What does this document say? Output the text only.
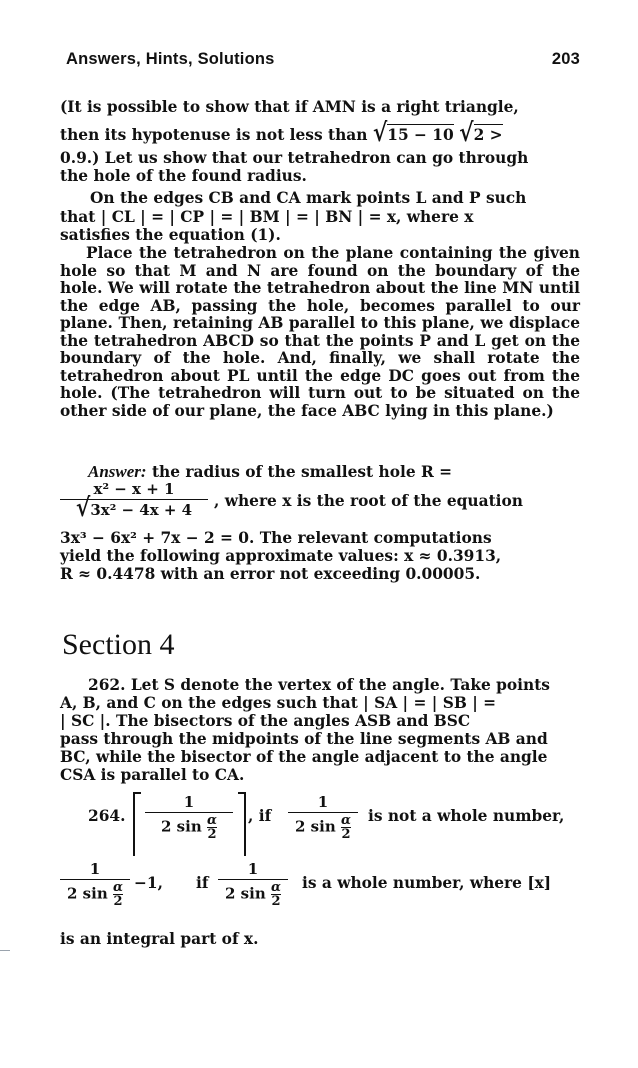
Answers, Hints, Solutions	203
(It is possible to show that if AMN is a right triangle,
then its hypotenuse is not less than √15 − 10 √2 >
0.9.) Let us show that our tetrahedron can go through
the hole of the found radius.
On the edges CB and CA mark points L and P such
that | CL | = | CP | = | BM | = | BN | = x, where x
satisfies the equation (1).

Place the tetrahedron on the plane containing the given hole so that M and N are found on the boundary of the hole. We will rotate the tetrahedron about the line MN until the edge AB, passing the hole, becomes parallel to our plane. Then, retaining AB parallel to this plane, we displace the tetrahedron ABCD so that the points P and L get on the boundary of the hole. And, finally, we shall rotate the tetrahedron about PL until the edge DC goes out from the hole. (The tetrahedron will turn out to be situated on the other side of our plane, the face ABC lying in this plane.)

Answer: the radius of the smallest hole R =
x² − x + 1
√3x² − 4x + 4	, where x is the root of the equation
3x³ − 6x² + 7x − 2 = 0. The relevant computations
yield the following approximate values: x ≈ 0.3913,
R ≈ 0.4478 with an error not exceeding 0.00005.
Section 4
262. Let S denote the vertex of the angle. Take points
A, B, and C on the edges such that | SA | = | SB | =
| SC |. The bisectors of the angles ASB and BSC
pass through the midpoints of the line segments AB and
BC, while the bisector of the angle adjacent to the angle
CSA is parallel to CA.
264.
1
2 $\sin \frac{\alpha}{2}$ , if
1
2 $\sin \frac{\alpha}{2}$ is not a whole number,
1
2 $\sin \frac{\alpha}{2} -1$, if
1
2 $\sin \frac{\alpha}{2}$ is a whole number, where [x]
is an integral part of x.
